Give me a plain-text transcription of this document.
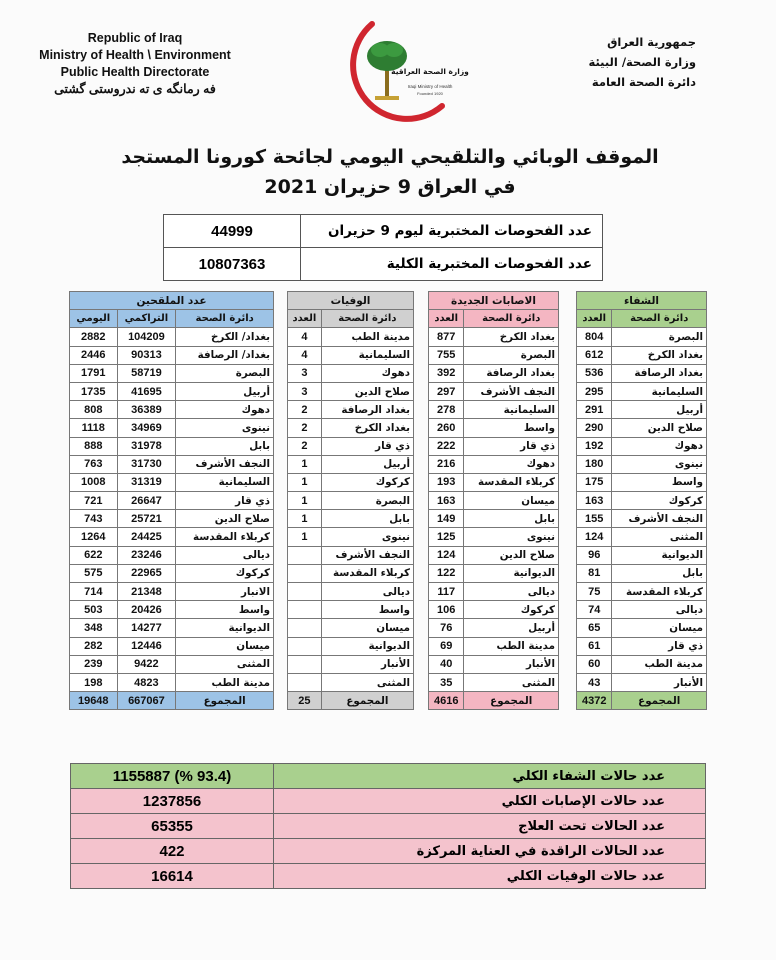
Republic of Iraq
Ministry of Health \ Environment
Public Health Directorate
فه رمانگه ی ته ندروستی گشتی
وزارة الصحة العراقية
Iraqi Ministry of Health
Founded 1920
جمهورية العراق
وزارة الصحة/ البيئة
دائرة الصحة العامة
الموقف الوبائي والتلقيحي اليومي لجائحة كورونا المستجد
في العراق 9 حزيران 2021
عدد الفحوصات المختبرية ليوم 9 حزيران	44999
عدد الفحوصات المختبرية الكلية	10807363
الشفاء	
دائرة الصحة	العدد
البصرة	804
بغداد الكرخ	612
بغداد الرصافة	536
السليمانية	295
أربيل	291
صلاح الدين	290
دهوك	192
نينوى	180
واسط	175
كركوك	163
النجف الأشرف	155
المثنى	124
الديوانية	96
بابل	81
كربلاء المقدسة	75
ديالى	74
ميسان	65
ذي قار	61
مدينة الطب	60
الأنبار	43
المجموع	4372
الاصابات الجديدة	
دائرة الصحة	العدد
بغداد الكرخ	877
البصرة	755
بغداد الرصافة	392
النجف الأشرف	297
السليمانية	278
واسط	260
ذي قار	222
دهوك	216
كربلاء المقدسة	193
ميسان	163
بابل	149
نينوى	125
صلاح الدين	124
الديوانية	122
ديالى	117
كركوك	106
أربيل	76
مدينة الطب	69
الأنبار	40
المثنى	35
المجموع	4616
الوفيات	
دائرة الصحة	العدد
مدينة الطب	4
السليمانية	4
دهوك	3
صلاح الدين	3
بغداد الرصافة	2
بغداد الكرخ	2
ذي قار	2
أربيل	1
كركوك	1
البصرة	1
بابل	1
نينوى	1
النجف الأشرف	
كربلاء المقدسة	
ديالى	
واسط	
ميسان	
الديوانية	
الأنبار	
المثنى	
المجموع	25
عدد الملقحين		
دائرة الصحة	التراكمي	اليومي
بغداد/ الكرخ	104209	2882
بغداد/ الرصافة	90313	2446
البصرة	58719	1791
أربيل	41695	1735
دهوك	36389	808
نينوى	34969	1118
بابل	31978	888
النجف الأشرف	31730	763
السليمانية	31319	1008
ذي قار	26647	721
صلاح الدين	25721	743
كربلاء المقدسة	24425	1264
ديالى	23246	622
كركوك	22965	575
الانبار	21348	714
واسط	20426	503
الديوانية	14277	348
ميسان	12446	282
المثنى	9422	239
مدينة الطب	4823	198
المجموع	667067	19648
عدد حالات الشفاء الكلي	(93.4 %) 1155887
عدد حالات الإصابات الكلي	1237856
عدد الحالات تحت العلاج	65355
عدد الحالات الراقدة في العناية المركزة	422
عدد حالات الوفيات الكلي	16614
